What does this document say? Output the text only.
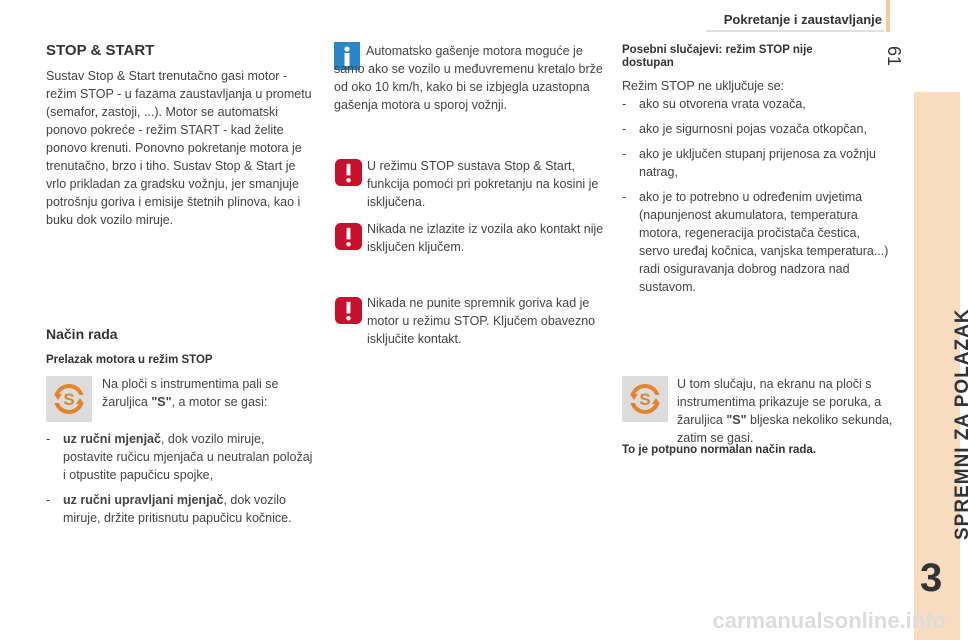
Pokretanje i zaustavljanje
61
SPREMNI ZA POLAZAK
3
STOP & START
Sustav Stop & Start trenutačno gasi motor - režim STOP - u fazama zaustavljanja u prometu (semafor, zastoji, ...). Motor se automatski ponovo pokreće - režim START - kad želite ponovo krenuti. Ponovno pokretanje motora je trenutačno, brzo i tiho. Sustav Stop & Start je vrlo prikladan za gradsku vožnju, jer smanjuje potrošnju goriva i emisije štetnih plinova, kao i buku dok vozilo miruje.
Način rada
Prelazak motora u režim STOP
S
Na ploči s instrumentima pali se žaruljica "S", a motor se gasi:
- uz ručni mjenjač, dok vozilo miruje, postavite ručicu mjenjača u neutralan položaj i otpustite papučicu spojke,
- uz ručni upravljani mjenjač, dok vozilo miruje, držite pritisnutu papučicu kočnice.
Automatsko gašenje motora moguće je samo ako se vozilo u međuvremenu kretalo brže od oko 10 km/h, kako bi se izbjegla uzastopna gašenja motora u sporoj vožnji.
U režimu STOP sustava Stop & Start, funkcija pomoći pri pokretanju na kosini je isključena.
Nikada ne izlazite iz vozila ako kontakt nije isključen ključem.
Nikada ne punite spremnik goriva kad je motor u režimu STOP. Ključem obavezno isključite kontakt.
Posebni slučajevi: režim STOP nije dostupan
Režim STOP ne uključuje se:
- ako su otvorena vrata vozača,
- ako je sigurnosni pojas vozača otkopčan,
- ako je uključen stupanj prijenosa za vožnju natrag,
- ako je to potrebno u određenim uvjetima (napunjenost akumulatora, temperatura motora, regeneracija pročistača čestica, servo uređaj kočnica, vanjska temperatura...) radi osiguravanja dobrog nadzora nad sustavom.
S
U tom slučaju, na ekranu na ploči s instrumentima prikazuje se poruka, a žaruljica "S" bljeska nekoliko sekunda, zatim se gasi.
To je potpuno normalan način rada.
carmanualsonline.info
